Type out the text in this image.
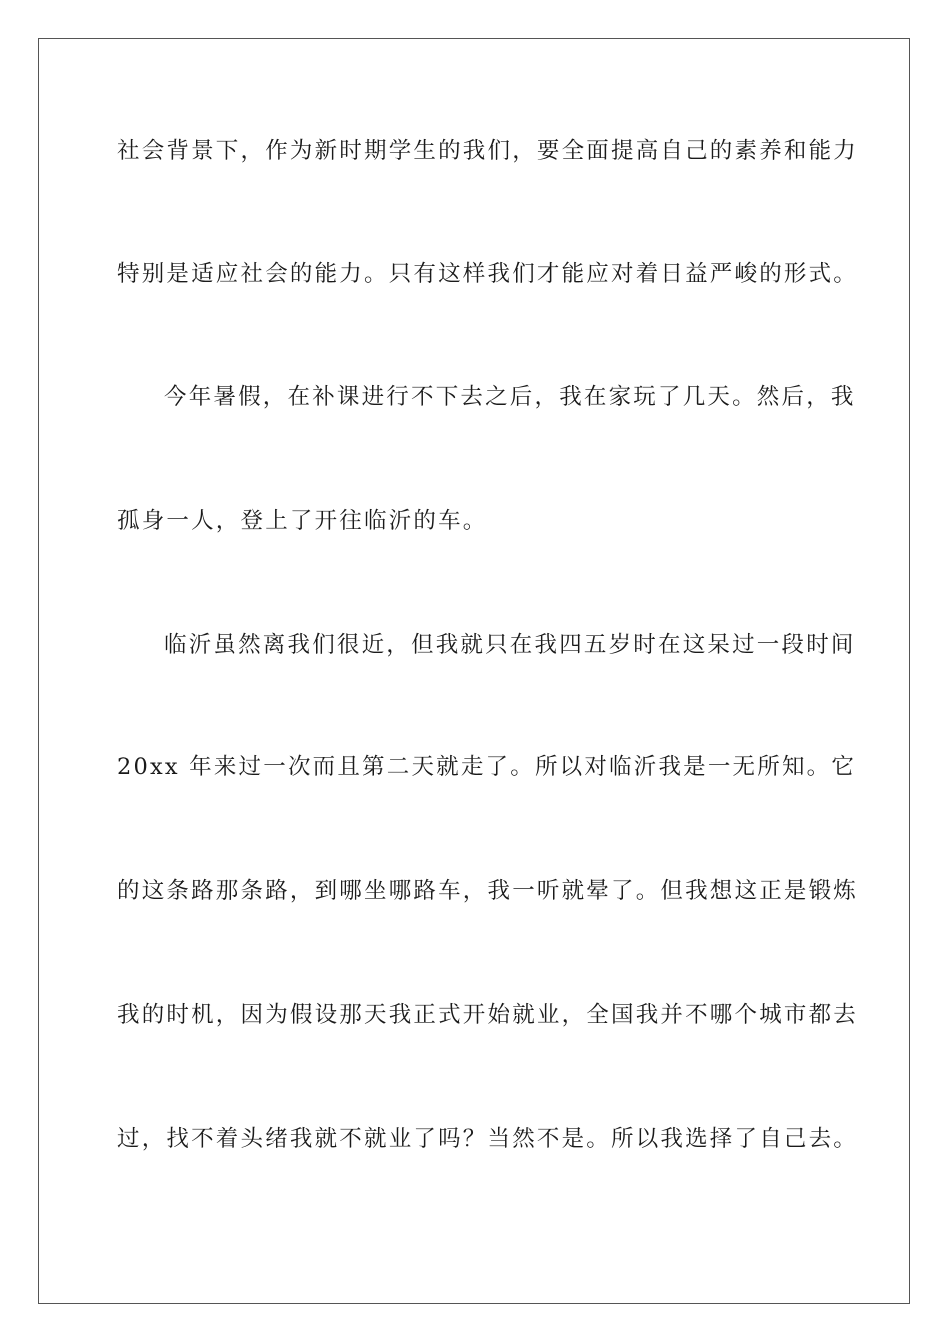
社会背景下，作为新时期学生的我们，要全面提高自己的素养和能力
特别是适应社会的能力。只有这样我们才能应对着日益严峻的形式。
今年暑假，在补课进行不下去之后，我在家玩了几天。然后，我
孤身一人，登上了开往临沂的车。
临沂虽然离我们很近，但我就只在我四五岁时在这呆过一段时间
20xx 年来过一次而且第二天就走了。所以对临沂我是一无所知。它
的这条路那条路，到哪坐哪路车，我一听就晕了。但我想这正是锻炼
我的时机，因为假设那天我正式开始就业，全国我并不哪个城市都去
过，找不着头绪我就不就业了吗？当然不是。所以我选择了自己去。
